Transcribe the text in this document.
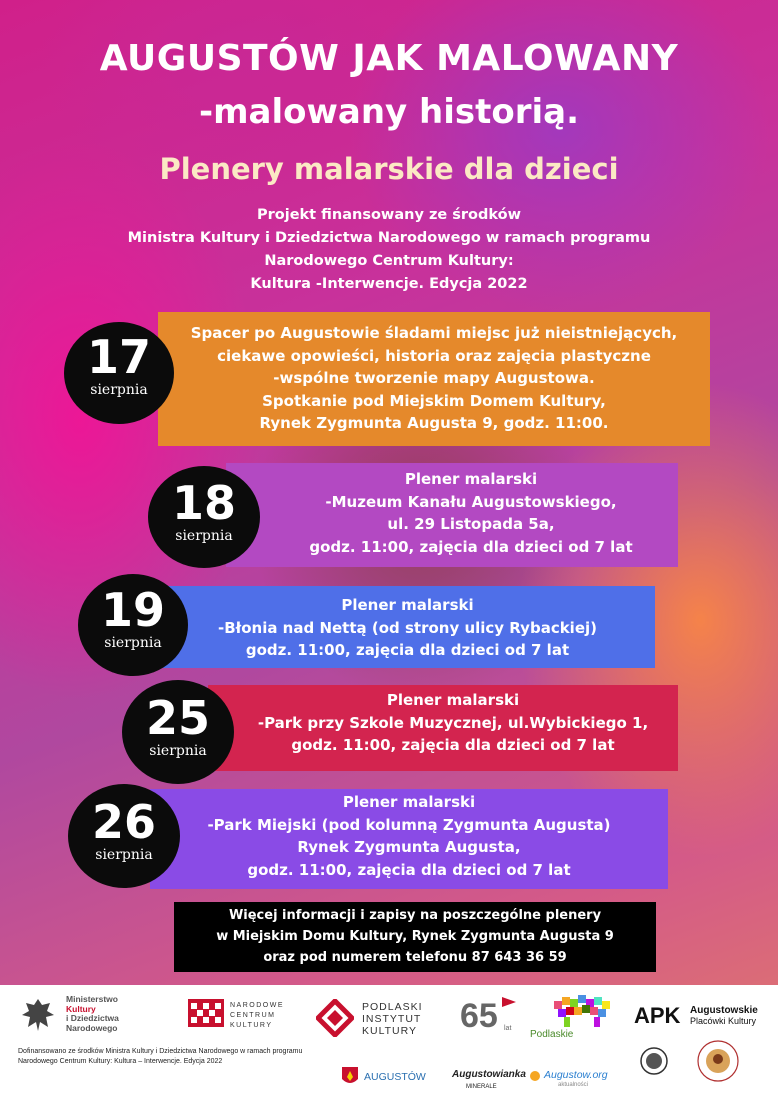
AUGUSTÓW JAK MALOWANY
-malowany historią.
Plenery malarskie dla dzieci
Projekt finansowany ze środków
Ministra Kultury i Dziedzictwa Narodowego w ramach programu
Narodowego Centrum Kultury:
Kultura -Interwencje. Edycja 2022
Spacer po Augustowie śladami miejsc już nieistniejących,
ciekawe opowieści, historia oraz zajęcia plastyczne
-wspólne tworzenie mapy Augustowa.
Spotkanie pod Miejskim Domem Kultury,
Rynek Zygmunta Augusta 9, godz. 11:00.
17
sierpnia
Plener malarski
-Muzeum Kanału Augustowskiego,
ul. 29 Listopada 5a,
godz. 11:00, zajęcia dla dzieci od 7 lat
18
sierpnia
Plener malarski
-Błonia nad Nettą (od strony ulicy Rybackiej)
godz. 11:00, zajęcia dla dzieci od 7 lat
19
sierpnia
Plener malarski
-Park przy Szkole Muzycznej, ul.Wybickiego 1,
godz. 11:00, zajęcia dla dzieci od 7 lat
25
sierpnia
Plener malarski
-Park Miejski (pod kolumną Zygmunta Augusta)
Rynek Zygmunta Augusta,
godz. 11:00, zajęcia dla dzieci od 7 lat
26
sierpnia
Więcej informacji i zapisy na poszczególne plenery
w Miejskim Domu Kultury, Rynek Zygmunta Augusta 9
oraz pod numerem telefonu 87 643 36 59
Ministerstwo
Kultury
i Dziedzictwa
Narodowego
NARODOWE
CENTRUM
KULTURY
PODLASKI
INSTYTUT
KULTURY 65 lat
Podlaskie
APK Augustowskie
Placówki Kultury
Dofinansowano ze środków Ministra Kultury i Dziedzictwa Narodowego w ramach programu Narodowego Centrum Kultury: Kultura – Interwencje. Edycja 2022
AUGUSTÓW	Augustowianka
MINERALE
Augustow.org
aktualności
